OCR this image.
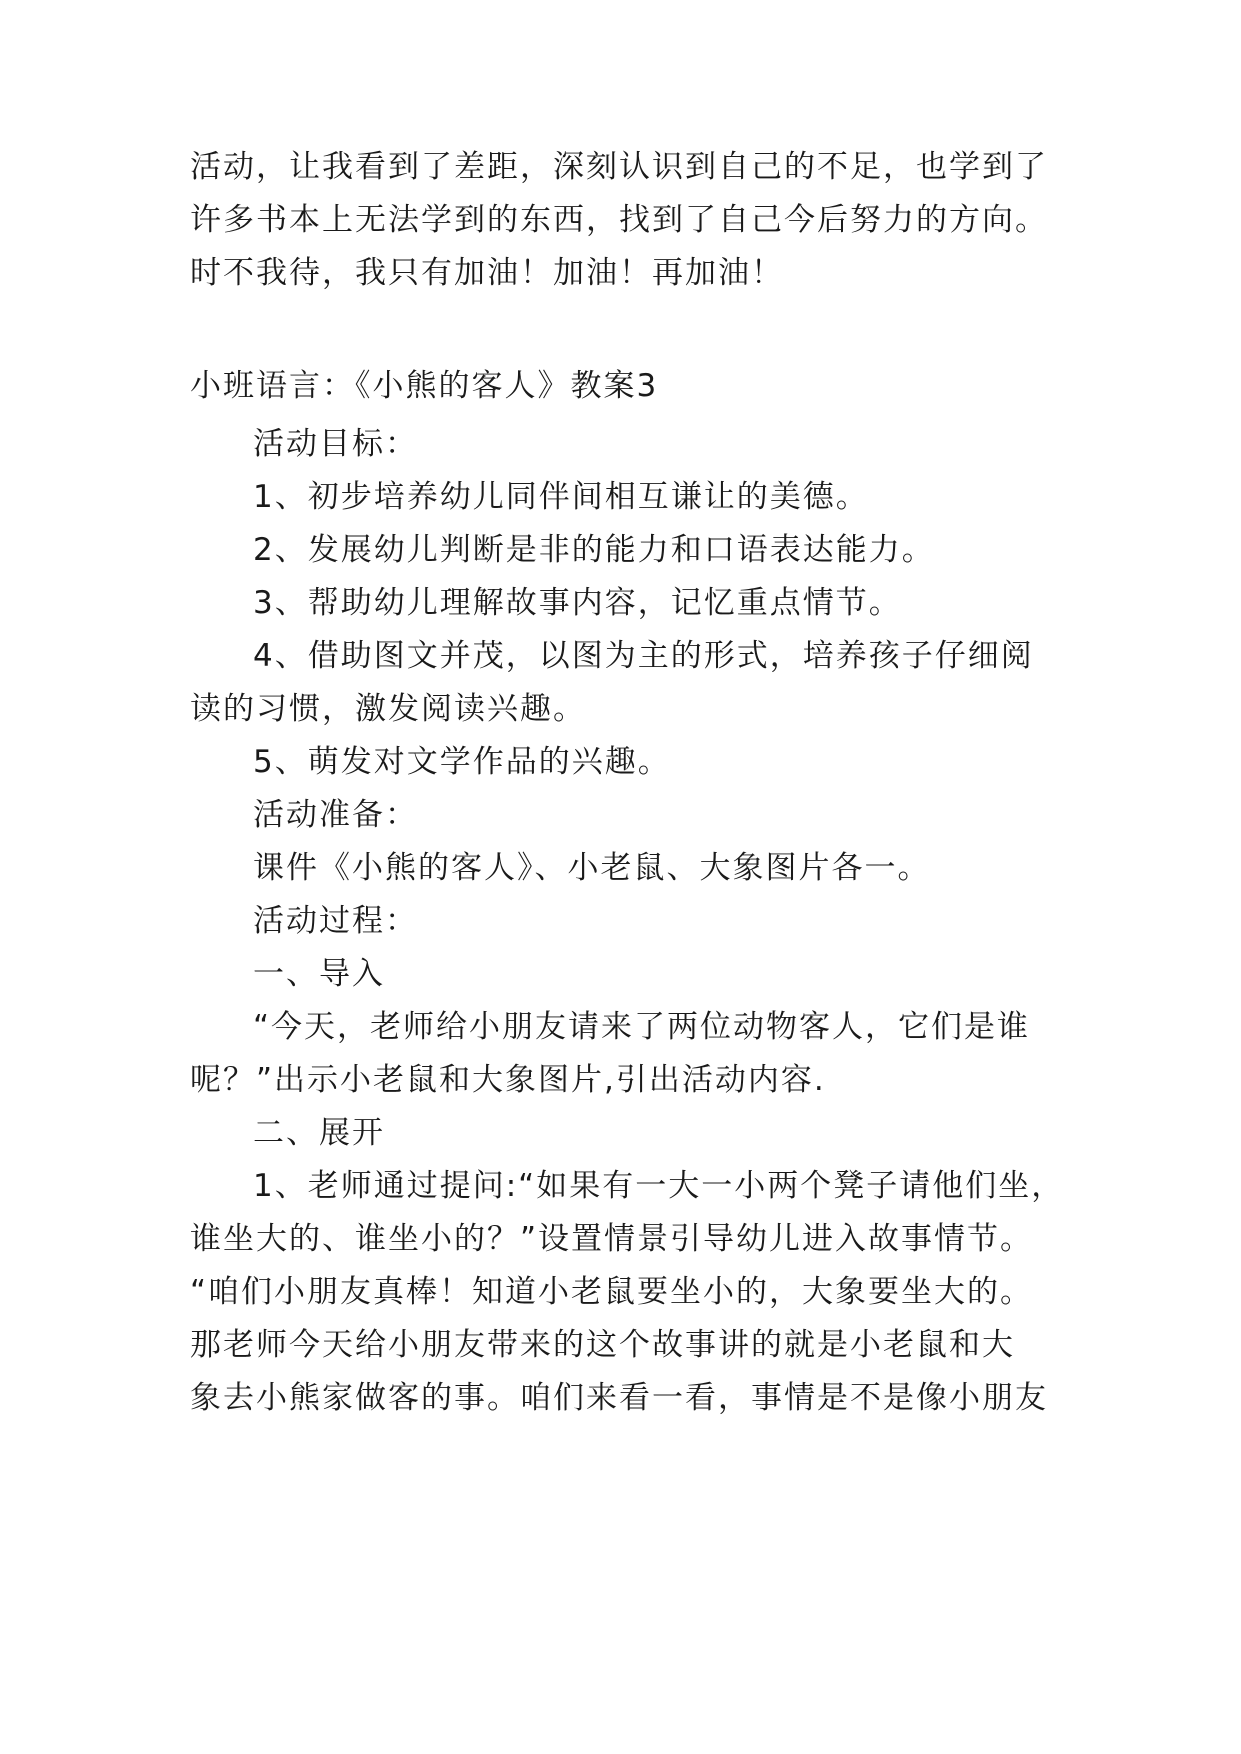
活动，让我看到了差距，深刻认识到自己的不足，也学到了
许多书本上无法学到的东西，找到了自己今后努力的方向。
时不我待，我只有加油！加油！再加油！
小班语言：《小熊的客人》教案3
活动目标：
1、初步培养幼儿同伴间相互谦让的美德。
2、发展幼儿判断是非的能力和口语表达能力。
3、帮助幼儿理解故事内容，记忆重点情节。
4、借助图文并茂，以图为主的形式，培养孩子仔细阅
读的习惯，激发阅读兴趣。
5、萌发对文学作品的兴趣。
活动准备：
课件《小熊的客人》、小老鼠、大象图片各一。
活动过程：
一、导入
“今天，老师给小朋友请来了两位动物客人，它们是谁
呢？”出示小老鼠和大象图片,引出活动内容.
二、展开
1、老师通过提问:“如果有一大一小两个凳子请他们坐，
谁坐大的、谁坐小的？”设置情景引导幼儿进入故事情节。
“咱们小朋友真棒！知道小老鼠要坐小的，大象要坐大的。
那老师今天给小朋友带来的这个故事讲的就是小老鼠和大
象去小熊家做客的事。咱们来看一看，事情是不是像小朋友
